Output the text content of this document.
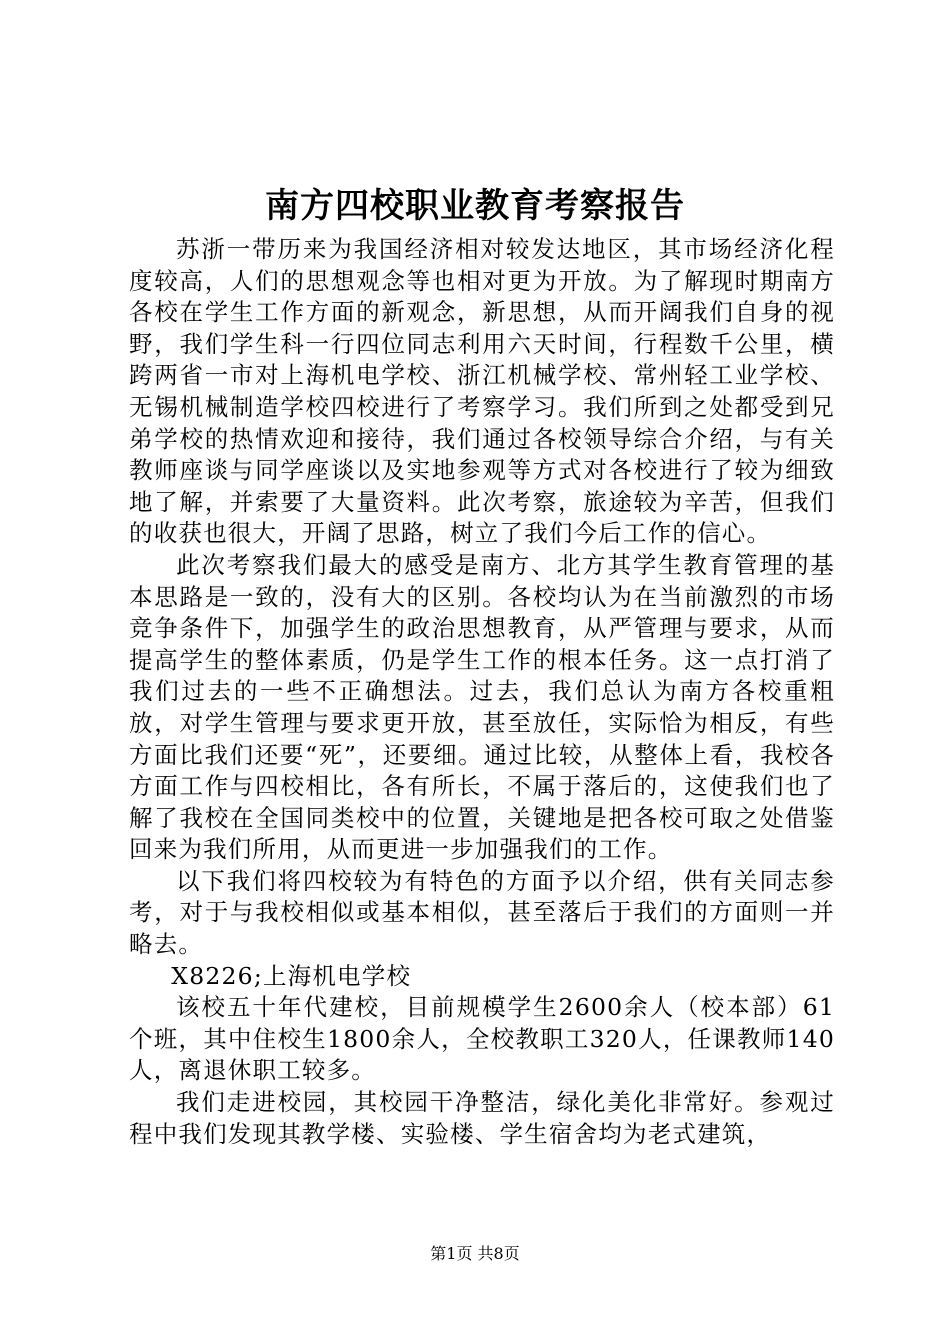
南方四校职业教育考察报告

苏浙一带历来为我国经济相对较发达地区，其市场经济化程度较高，人们的思想观念等也相对更为开放。为了解现时期南方各校在学生工作方面的新观念，新思想，从而开阔我们自身的视野，我们学生科一行四位同志利用六天时间，行程数千公里，横跨两省一市对上海机电学校、浙江机械学校、常州轻工业学校、无锡机械制造学校四校进行了考察学习。我们所到之处都受到兄弟学校的热情欢迎和接待，我们通过各校领导综合介绍，与有关教师座谈与同学座谈以及实地参观等方式对各校进行了较为细致地了解，并索要了大量资料。此次考察，旅途较为辛苦，但我们的收获也很大，开阔了思路，树立了我们今后工作的信心。

此次考察我们最大的感受是南方、北方其学生教育管理的基本思路是一致的，没有大的区别。各校均认为在当前激烈的市场竞争条件下，加强学生的政治思想教育，从严管理与要求，从而提高学生的整体素质，仍是学生工作的根本任务。这一点打消了我们过去的一些不正确想法。过去，我们总认为南方各校重粗放，对学生管理与要求更开放，甚至放任，实际恰为相反，有些方面比我们还要“死”，还要细。通过比较，从整体上看，我校各方面工作与四校相比，各有所长，不属于落后的，这使我们也了解了我校在全国同类校中的位置，关键地是把各校可取之处借鉴回来为我们所用，从而更进一步加强我们的工作。

以下我们将四校较为有特色的方面予以介绍，供有关同志参考，对于与我校相似或基本相似，甚至落后于我们的方面则一并略去。

X8226;上海机电学校

该校五十年代建校，目前规模学生2600余人（校本部）61个班，其中住校生1800余人，全校教职工320人，任课教师140人，离退休职工较多。

我们走进校园，其校园干净整洁，绿化美化非常好。参观过程中我们发现其教学楼、实验楼、学生宿舍均为老式建筑，

第1页 共8页
